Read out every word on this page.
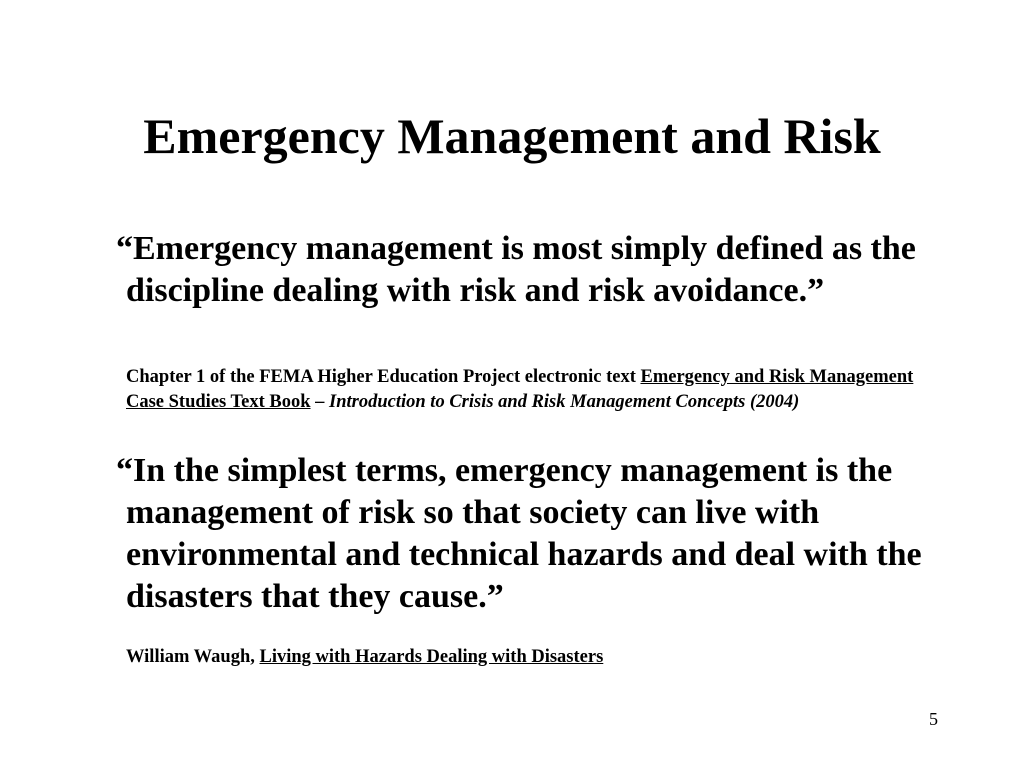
Emergency Management and Risk

“Emergency management is most simply defined as the discipline dealing with risk and risk avoidance.”

Chapter 1 of the FEMA Higher Education Project electronic text Emergency and Risk Management Case Studies Text Book – Introduction to Crisis and Risk Management Concepts (2004)

“In the simplest terms, emergency management is the management of risk so that society can live with environmental and technical hazards and deal with the disasters that they cause.”

William Waugh, Living with Hazards Dealing with Disasters

5
